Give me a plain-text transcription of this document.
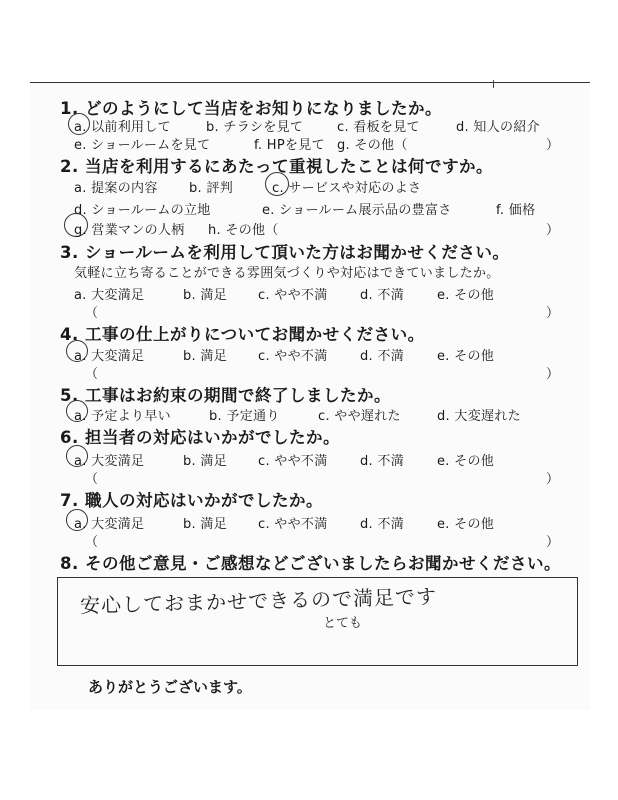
1. どのようにして当店をお知りになりましたか。
a. 以前利用して	b. チラシを見て	c. 看板を見て	d. 知人の紹介
e. ショールームを見て	f. HPを見て g. その他（	）
2. 当店を利用するにあたって重視したことは何ですか。
a. 提案の内容 b. 評判	c. サービスや対応のよさ
d. ショールームの立地	e. ショールーム展示品の豊富さ	f. 価格
g. 営業マンの人柄 h. その他（	）
3. ショールームを利用して頂いた方はお聞かせください。
気軽に立ち寄ることができる雰囲気づくりや対応はできていましたか。
a. 大変満足	b. 満足 c. やや不満 d. 不満	e. その他
（	）
4. 工事の仕上がりについてお聞かせください。
a. 大変満足	b. 満足 c. やや不満 d. 不満	e. その他
（	）
5. 工事はお約束の期間で終了しましたか。
a. 予定より早い	b. 予定通り	c. やや遅れた	d. 大変遅れた
6. 担当者の対応はいかがでしたか。
a. 大変満足	b. 満足 c. やや不満 d. 不満	e. その他
（	）
7. 職人の対応はいかがでしたか。
a. 大変満足	b. 満足 c. やや不満 d. 不満	e. その他
（	）
8. その他ご意見・ご感想などございましたらお聞かせください。
安心しておまかせできるので満足です
とても
ありがとうございます。
